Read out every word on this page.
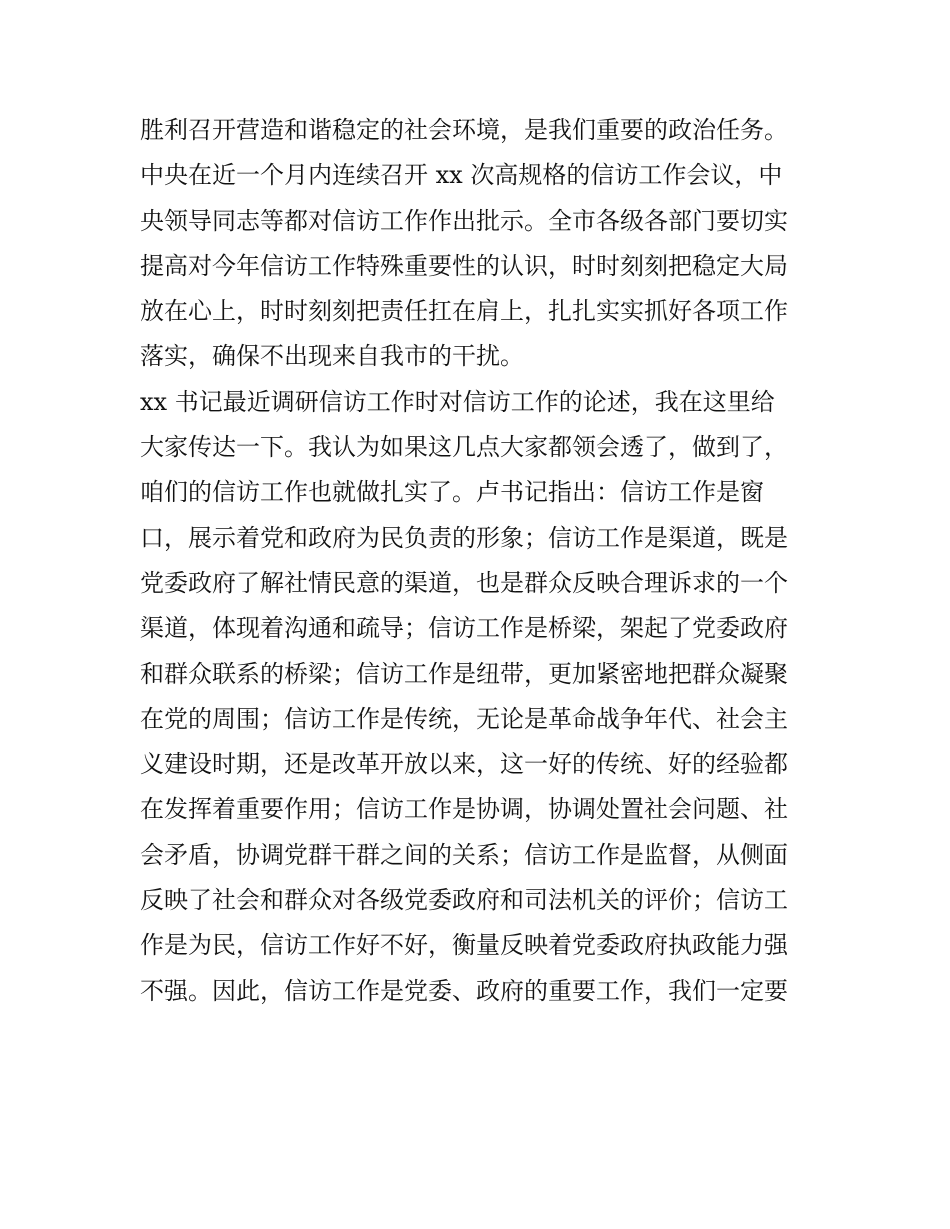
胜利召开营造和谐稳定的社会环境，是我们重要的政治任务。
中央在近一个月内连续召开 xx 次高规格的信访工作会议，中
央领导同志等都对信访工作作出批示。全市各级各部门要切实
提高对今年信访工作特殊重要性的认识，时时刻刻把稳定大局
放在心上，时时刻刻把责任扛在肩上，扎扎实实抓好各项工作
落实，确保不出现来自我市的干扰。
xx 书记最近调研信访工作时对信访工作的论述，我在这里给
大家传达一下。我认为如果这几点大家都领会透了，做到了，
咱们的信访工作也就做扎实了。卢书记指出：信访工作是窗
口，展示着党和政府为民负责的形象；信访工作是渠道，既是
党委政府了解社情民意的渠道，也是群众反映合理诉求的一个
渠道，体现着沟通和疏导；信访工作是桥梁，架起了党委政府
和群众联系的桥梁；信访工作是纽带，更加紧密地把群众凝聚
在党的周围；信访工作是传统，无论是革命战争年代、社会主
义建设时期，还是改革开放以来，这一好的传统、好的经验都
在发挥着重要作用；信访工作是协调，协调处置社会问题、社
会矛盾，协调党群干群之间的关系；信访工作是监督，从侧面
反映了社会和群众对各级党委政府和司法机关的评价；信访工
作是为民，信访工作好不好，衡量反映着党委政府执政能力强
不强。因此，信访工作是党委、政府的重要工作，我们一定要
